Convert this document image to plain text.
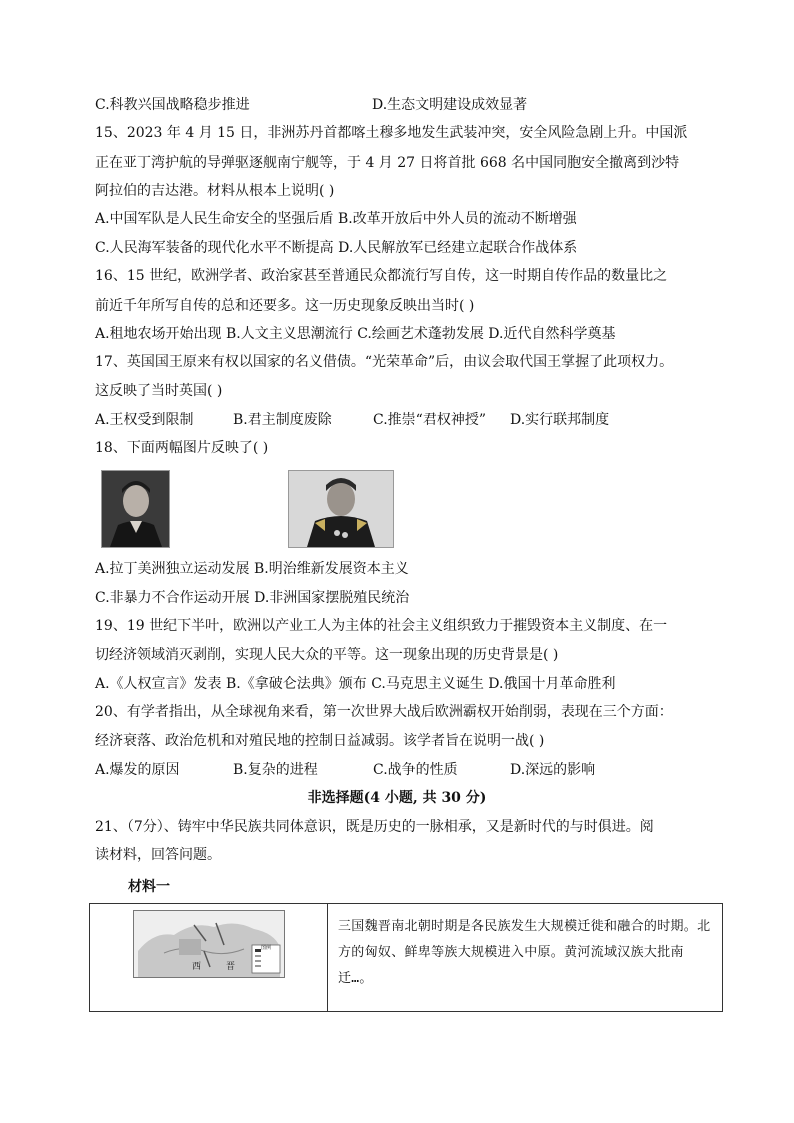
C.科教兴国战略稳步推进	D.生态文明建设成效显著
15、2023 年 4 月 15 日，非洲苏丹首都喀土穆多地发生武装冲突，安全风险急剧上升。中国派
正在亚丁湾护航的导弹驱逐舰南宁舰等，于 4 月 27 日将首批 668 名中国同胞安全撤离到沙特
阿拉伯的吉达港。材料从根本上说明( )
A.中国军队是人民生命安全的坚强后盾 B.改革开放后中外人员的流动不断增强
C.人民海军装备的现代化水平不断提高 D.人民解放军已经建立起联合作战体系
16、15 世纪，欧洲学者、政治家甚至普通民众都流行写自传，这一时期自传作品的数量比之
前近千年所写自传的总和还要多。这一历史现象反映出当时( )
A.租地农场开始出现 B.人文主义思潮流行 C.绘画艺术蓬勃发展 D.近代自然科学奠基
17、英国国王原来有权以国家的名义借债。“光荣革命”后，由议会取代国王掌握了此项权力。
这反映了当时英国( )
A.王权受到限制	B.君主制度废除	C.推崇“君权神授” D.实行联邦制度
18、下面两幅图片反映了( )
A.拉丁美洲独立运动发展 B.明治维新发展资本主义
C.非暴力不合作运动开展 D.非洲国家摆脱殖民统治
19、19 世纪下半叶，欧洲以产业工人为主体的社会主义组织致力于摧毁资本主义制度、在一
切经济领域消灭剥削，实现人民大众的平等。这一现象出现的历史背景是( )
A.《人权宣言》发表 B.《拿破仑法典》颁布 C.马克思主义诞生 D.俄国十月革命胜利
20、有学者指出，从全球视角来看，第一次世界大战后欧洲霸权开始削弱，表现在三个方面：
经济衰落、政治危机和对殖民地的控制日益减弱。该学者旨在说明一战( )
A.爆发的原因	B.复杂的进程	C.战争的性质	D.深远的影响
非选择题(4 小题, 共 30 分)
21、（7分）、铸牢中华民族共同体意识，既是历史的一脉相承，又是新时代的与时俱进。阅
读材料，回答问题。
材料一
西	晋
图例
三国魏晋南北朝时期是各民族发生大规模迁徙和融合的时期。北方的匈奴、鲜卑等族大规模进入中原。黄河流域汉族大批南迁…。
